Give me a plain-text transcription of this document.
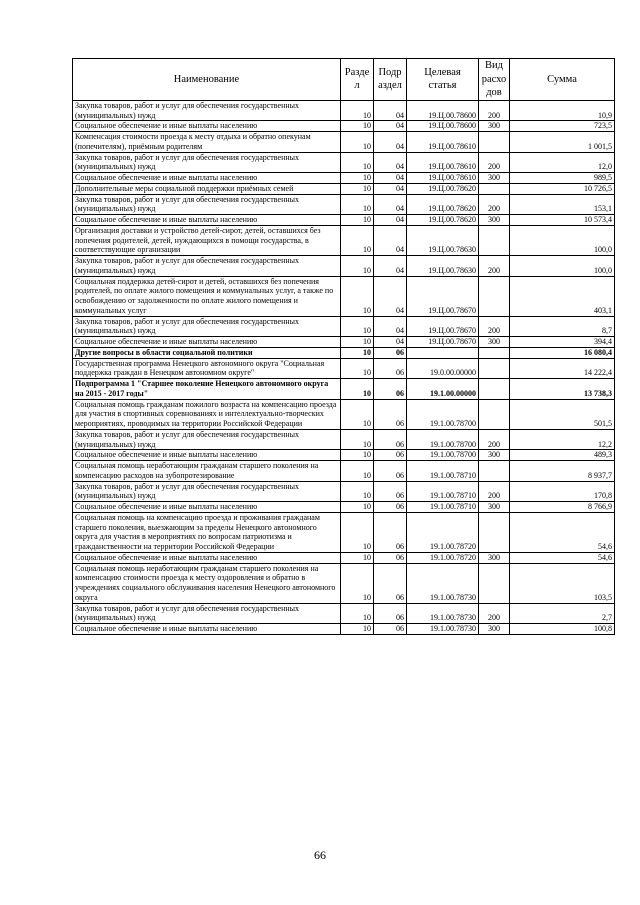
Наименование	Разде л	Подр аздел	Целевая статья	Вид расхо дов	Сумма
Закупка товаров, работ и услуг для обеспечения государственных (муниципальных) нужд	10	04	19.Ц.00.78600	200	10,9
Социальное обеспечение и иные выплаты населению	10	04	19.Ц.00.78600	300	723,5
Компенсация стоимости проезда к месту отдыха и обратно опекунам (попечителям), приёмным родителям	10	04	19.Ц.00.78610		1 001,5
Закупка товаров, работ и услуг для обеспечения государственных (муниципальных) нужд	10	04	19.Ц.00.78610	200	12,0
Социальное обеспечение и иные выплаты населению	10	04	19.Ц.00.78610	300	989,5
Дополнительные меры социальной поддержки приёмных семей	10	04	19.Ц.00.78620		10 726,5
Закупка товаров, работ и услуг для обеспечения государственных (муниципальных) нужд	10	04	19.Ц.00.78620	200	153,1
Социальное обеспечение и иные выплаты населению	10	04	19.Ц.00.78620	300	10 573,4
Организация доставки и устройство детей-сирот, детей, оставшихся без попечения родителей, детей, нуждающихся в помощи государства, в соответствующие организации	10	04	19.Ц.00.78630		100,0
Закупка товаров, работ и услуг для обеспечения государственных (муниципальных) нужд	10	04	19.Ц.00.78630	200	100,0
Социальная поддержка детей-сирот и детей, оставшихся без попечения родителей, по оплате жилого помещения и коммунальных услуг, а также по освобождению от задолженности по оплате жилого помещения и коммунальных услуг	10	04	19.Ц.00.78670		403,1
Закупка товаров, работ и услуг для обеспечения государственных (муниципальных) нужд	10	04	19.Ц.00.78670	200	8,7
Социальное обеспечение и иные выплаты населению	10	04	19.Ц.00.78670	300	394,4
Другие вопросы в области социальной политики	10	06			16 080,4
Государственная программа Ненецкого автономного округа "Социальная поддержка граждан в Ненецком автономном округе"	10	06	19.0.00.00000		14 222,4
Подпрограмма 1 "Старшее поколение Ненецкого автономного округа на 2015 - 2017 годы"	10	06	19.1.00.00000		13 738,3
Социальная помощь гражданам пожилого возраста на компенсацию проезда для участия в спортивных соревнованиях и интеллектуально-творческих мероприятиях, проводимых на территории Российской Федерации	10	06	19.1.00.78700		501,5
Закупка товаров, работ и услуг для обеспечения государственных (муниципальных) нужд	10	06	19.1.00.78700	200	12,2
Социальное обеспечение и иные выплаты населению	10	06	19.1.00.78700	300	489,3
Социальная помощь неработающим гражданам старшего поколения на компенсацию расходов на зубопротезирование	10	06	19.1.00.78710		8 937,7
Закупка товаров, работ и услуг для обеспечения государственных (муниципальных) нужд	10	06	19.1.00.78710	200	170,8
Социальное обеспечение и иные выплаты населению	10	06	19.1.00.78710	300	8 766,9
Социальная помощь на компенсацию проезда и проживания гражданам старшего поколения, выезжающим за пределы Ненецкого автономного округа для участия в мероприятиях по вопросам патриотизма и гражданственности на территории Российской Федерации	10	06	19.1.00.78720		54,6
Социальное обеспечение и иные выплаты населению	10	06	19.1.00.78720	300	54,6
Социальная помощь неработающим гражданам старшего поколения на компенсацию стоимости проезда к месту оздоровления и обратно в учреждениях социального обслуживания населения Ненецкого автономного округа	10	06	19.1.00.78730		103,5
Закупка товаров, работ и услуг для обеспечения государственных (муниципальных) нужд	10	06	19.1.00.78730	200	2,7
Социальное обеспечение и иные выплаты населению	10	06	19.1.00.78730	300	100,8
66
